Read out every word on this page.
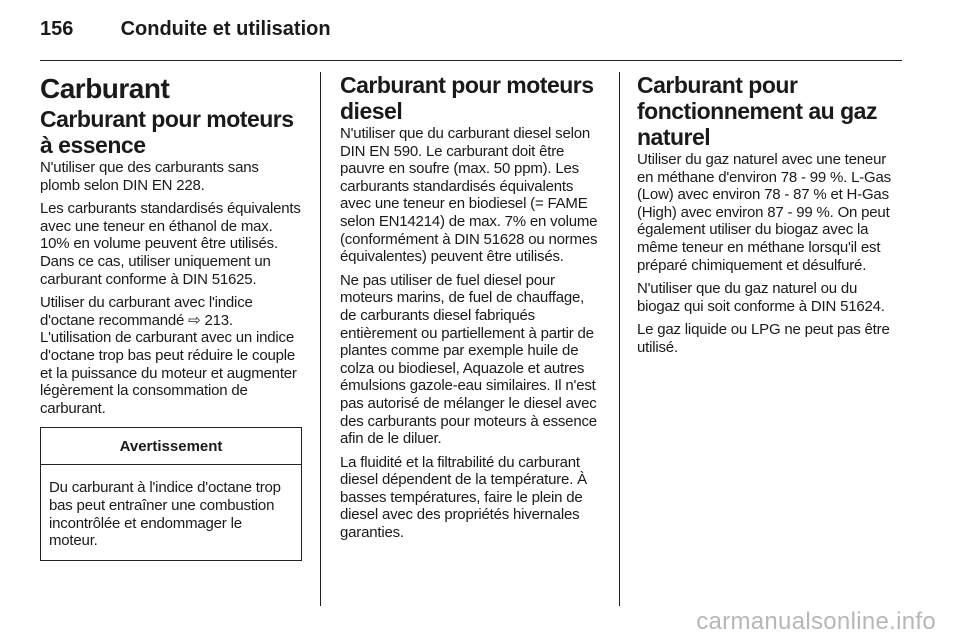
156 Conduite et utilisation
Carburant
Carburant pour moteurs à essence

N'utiliser que des carburants sans plomb selon DIN EN 228.

Les carburants standardisés équivalents avec une teneur en éthanol de max. 10% en volume peuvent être utilisés. Dans ce cas, utiliser uniquement un carburant conforme à DIN 51625.

Utiliser du carburant avec l'indice d'octane recommandé ⇨ 213. L'utilisation de carburant avec un indice d'octane trop bas peut réduire le couple et la puissance du moteur et augmenter légèrement la consommation de carburant.

Avertissement

Du carburant à l'indice d'octane trop bas peut entraîner une combustion incontrôlée et endommager le moteur.

Carburant pour moteurs diesel

N'utiliser que du carburant diesel selon DIN EN 590. Le carburant doit être pauvre en soufre (max. 50 ppm). Les carburants standardisés équivalents avec une teneur en biodiesel (= FAME selon EN14214) de max. 7% en volume (conformément à DIN 51628 ou normes équivalentes) peuvent être utilisés.

Ne pas utiliser de fuel diesel pour moteurs marins, de fuel de chauffage, de carburants diesel fabriqués entièrement ou partiellement à partir de plantes comme par exemple huile de colza ou biodiesel, Aquazole et autres émulsions gazole-eau similaires. Il n'est pas autorisé de mélanger le diesel avec des carburants pour moteurs à essence afin de le diluer.

La fluidité et la filtrabilité du carburant diesel dépendent de la température. À basses températures, faire le plein de diesel avec des propriétés hivernales garanties.

Carburant pour fonctionnement au gaz naturel

Utiliser du gaz naturel avec une teneur en méthane d'environ 78 - 99 %. L-Gas (Low) avec environ 78 - 87 % et H-Gas (High) avec environ 87 - 99 %. On peut également utiliser du biogaz avec la même teneur en méthane lorsqu'il est préparé chimiquement et désulfuré.

N'utiliser que du gaz naturel ou du biogaz qui soit conforme à DIN 51624.

Le gaz liquide ou LPG ne peut pas être utilisé.

carmanualsonline.info
